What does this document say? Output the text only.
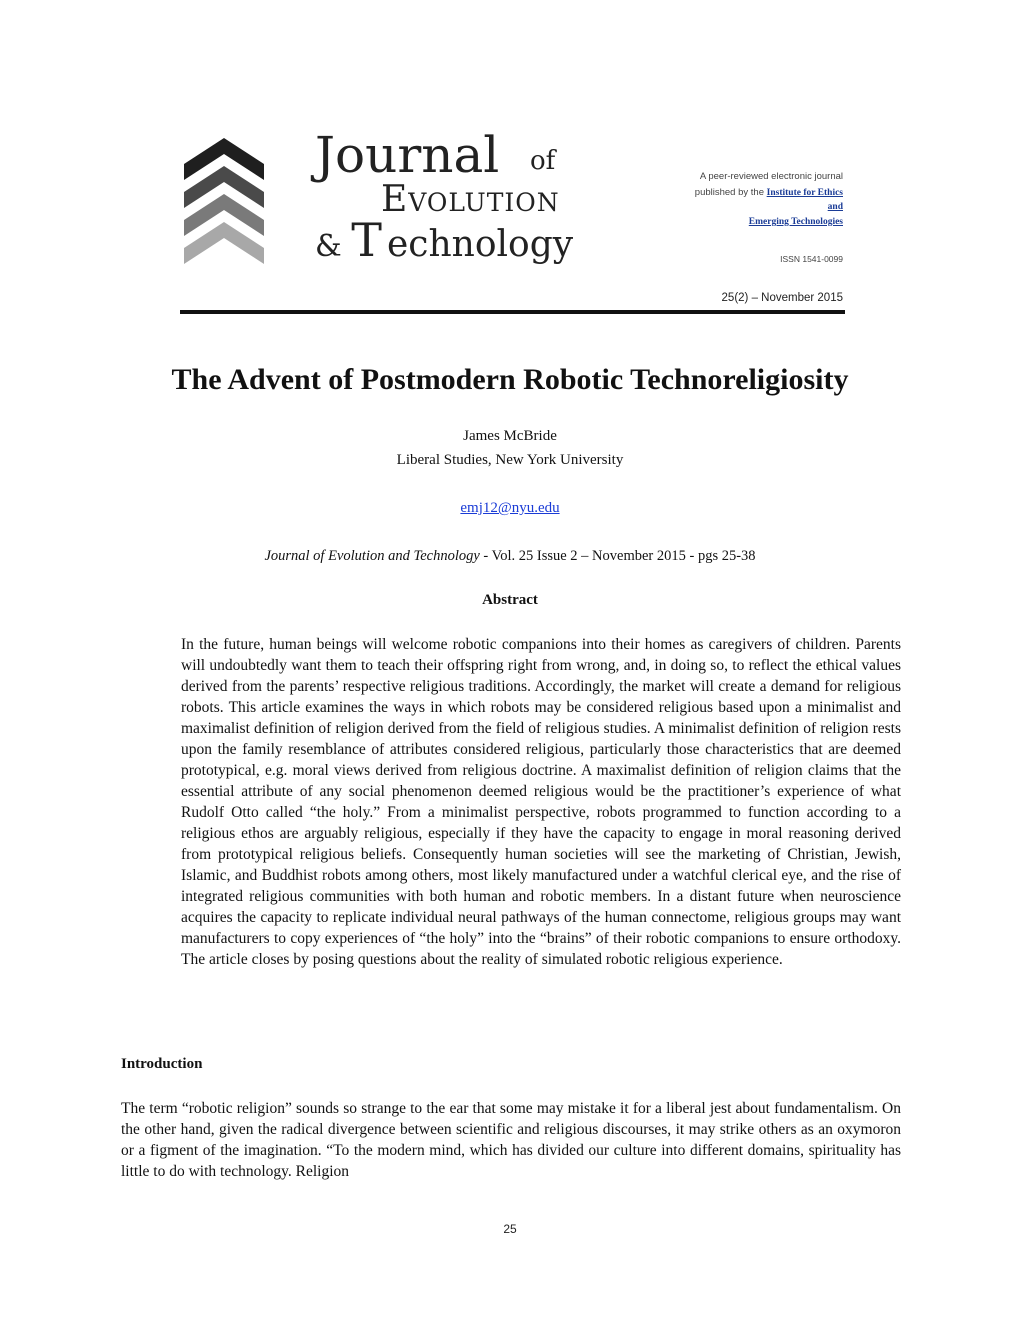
Journal of
Evolution
& T echnology
A peer-reviewed electronic journal
published by the Institute for Ethics
and
Emerging Technologies
ISSN 1541-0099
25(2) – November 2015
The Advent of Postmodern Robotic Technoreligiosity
James McBride
Liberal Studies, New York University
emj12@nyu.edu
Journal of Evolution and Technology - Vol. 25 Issue 2 – November 2015 - pgs 25-38
Abstract
In the future, human beings will welcome robotic companions into their homes as caregivers of children. Parents will undoubtedly want them to teach their offspring right from wrong, and, in doing so, to reflect the ethical values derived from the parents’ respective religious traditions. Accordingly, the market will create a demand for religious robots. This article examines the ways in which robots may be considered religious based upon a minimalist and maximalist definition of religion derived from the field of religious studies. A minimalist definition of religion rests upon the family resemblance of attributes considered religious, particularly those characteristics that are deemed prototypical, e.g. moral views derived from religious doctrine. A maximalist definition of religion claims that the essential attribute of any social phenomenon deemed religious would be the practitioner’s experience of what Rudolf Otto called “the holy.” From a minimalist perspective, robots programmed to function according to a religious ethos are arguably religious, especially if they have the capacity to engage in moral reasoning derived from prototypical religious beliefs. Consequently human societies will see the marketing of Christian, Jewish, Islamic, and Buddhist robots among others, most likely manufactured under a watchful clerical eye, and the rise of integrated religious communities with both human and robotic members. In a distant future when neuroscience acquires the capacity to replicate individual neural pathways of the human connectome, religious groups may want manufacturers to copy experiences of “the holy” into the “brains” of their robotic companions to ensure orthodoxy. The article closes by posing questions about the reality of simulated robotic religious experience.
Introduction
The term “robotic religion” sounds so strange to the ear that some may mistake it for a liberal jest about fundamentalism. On the other hand, given the radical divergence between scientific and religious discourses, it may strike others as an oxymoron or a figment of the imagination. “To the modern mind, which has divided our culture into different domains, spirituality has little to do with technology. Religion
25
